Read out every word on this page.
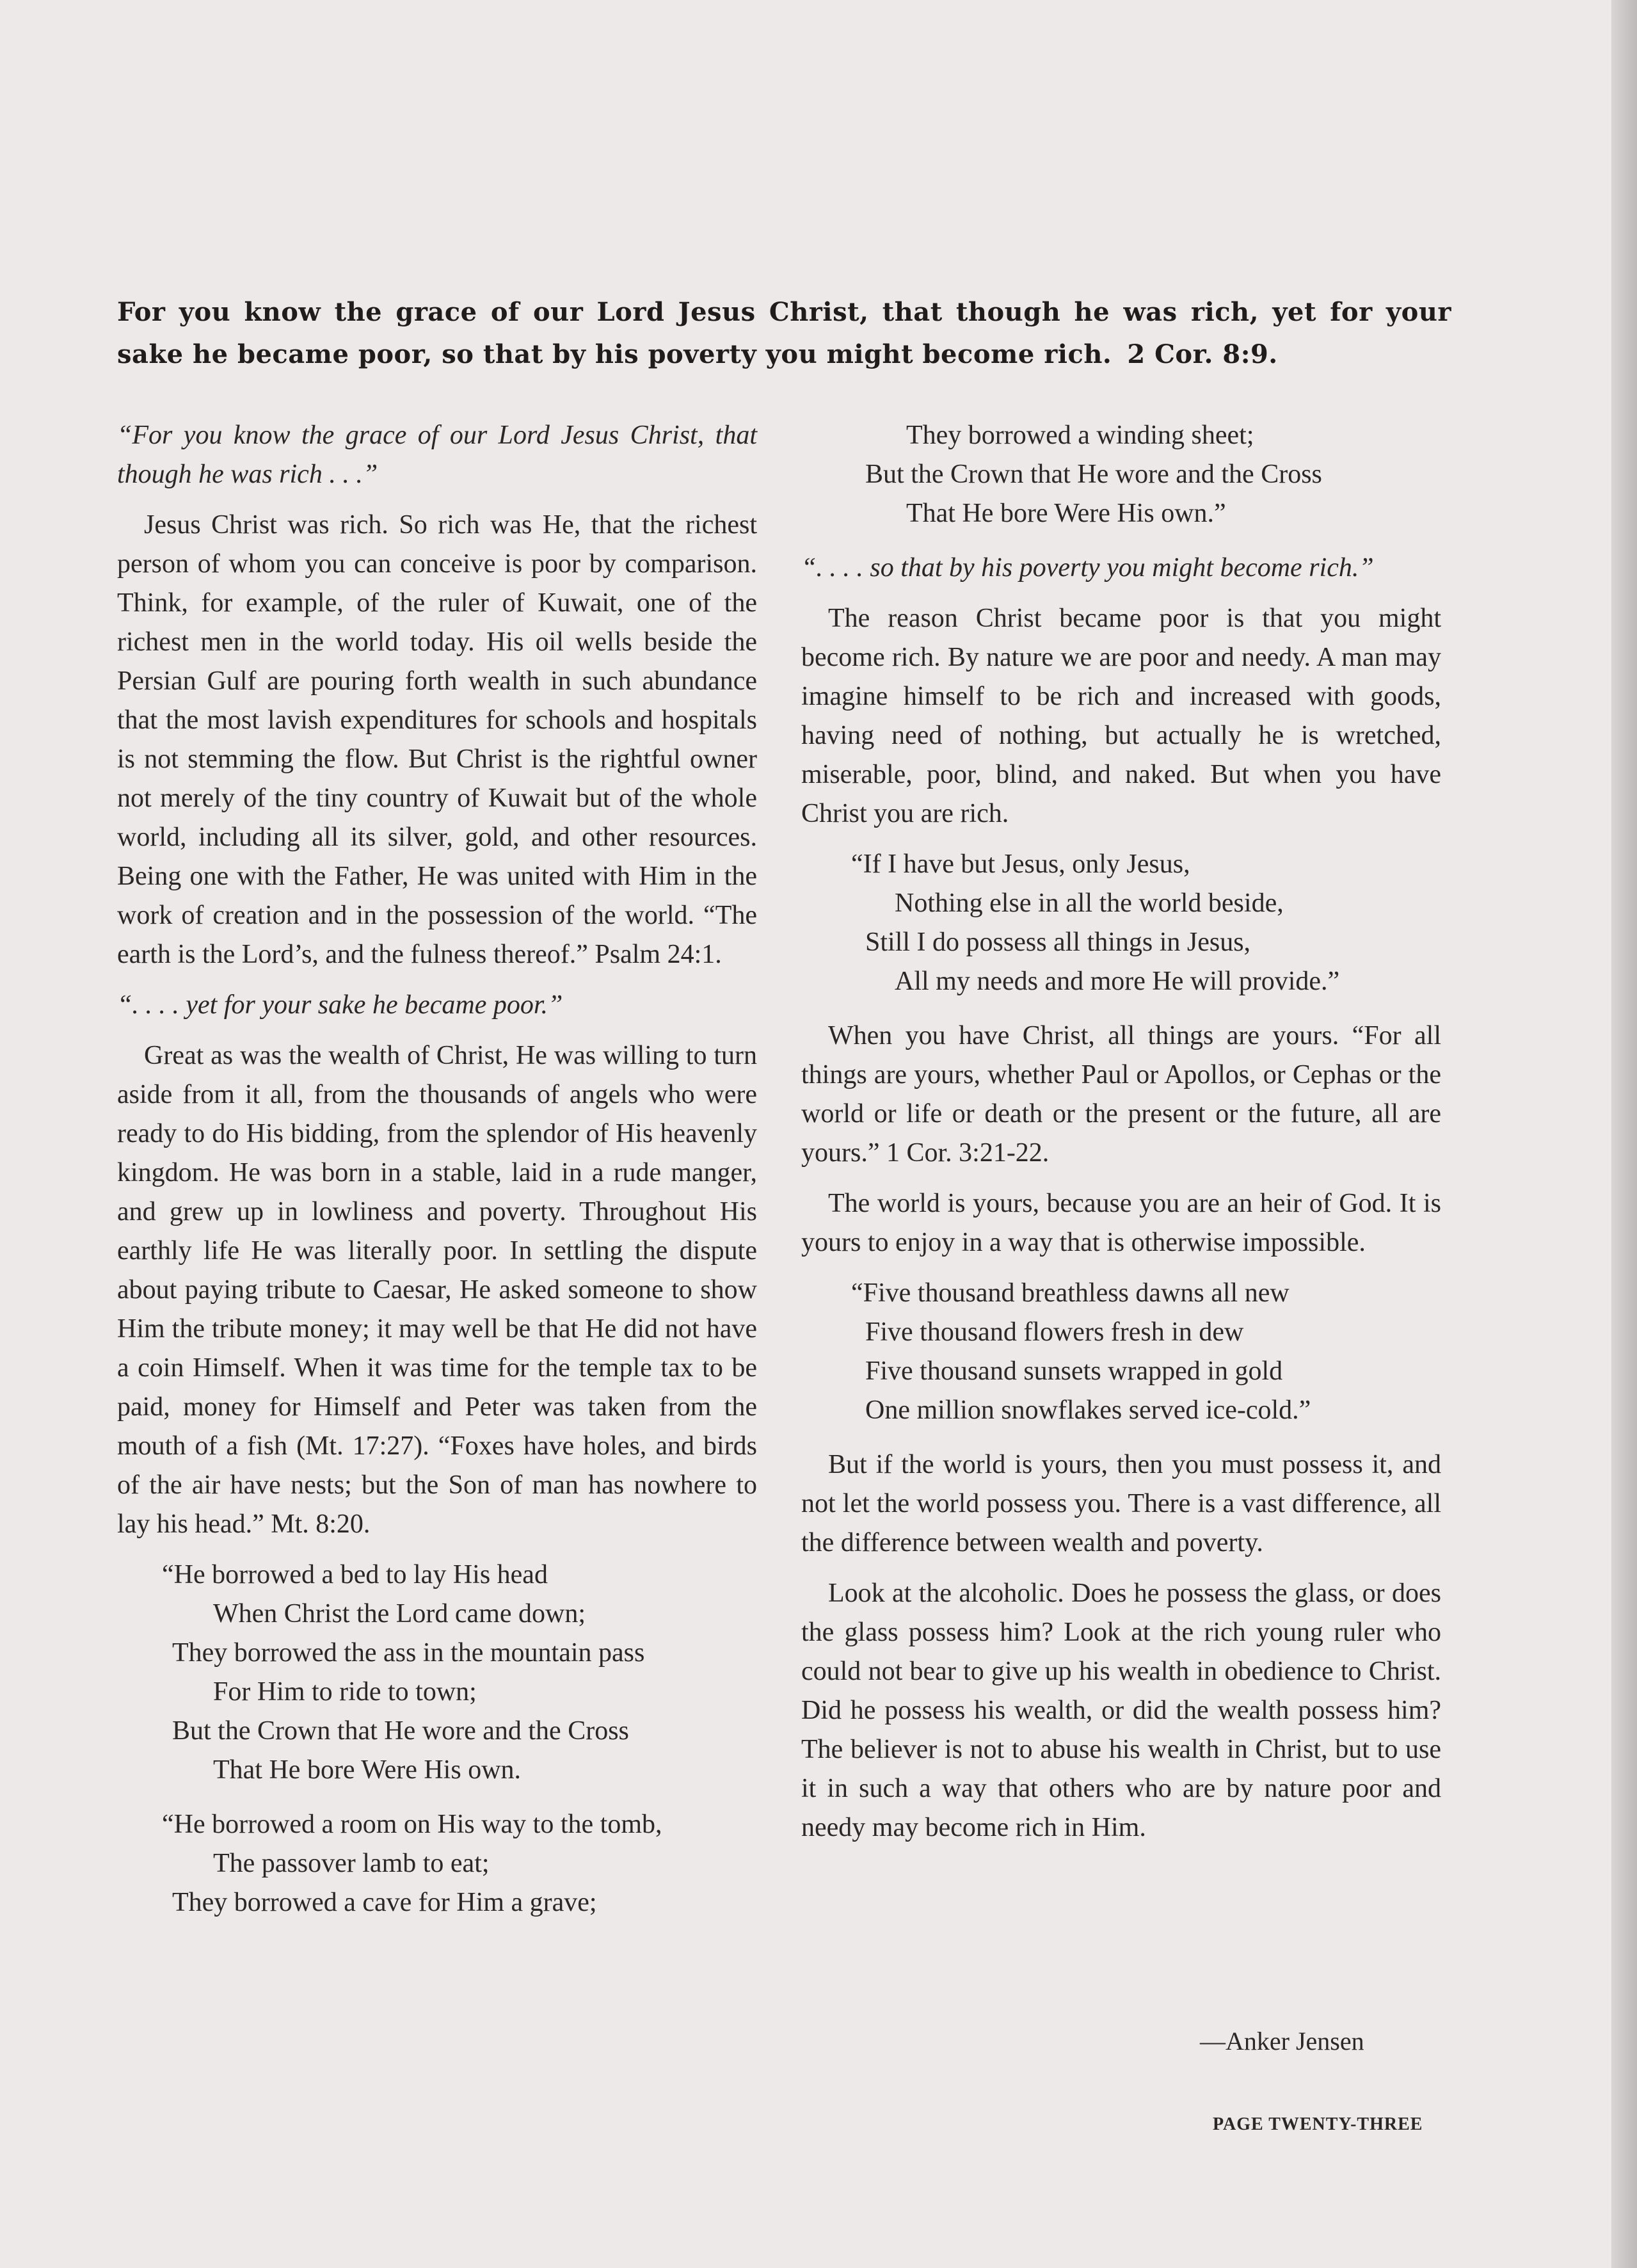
For you know the grace of our Lord Jesus Christ, that though he was rich, yet for your sake he became poor, so that by his poverty you might become rich. 2 Cor. 8:9.

“For you know the grace of our Lord Jesus Christ, that though he was rich . . .”

Jesus Christ was rich. So rich was He, that the richest person of whom you can conceive is poor by comparison. Think, for example, of the ruler of Kuwait, one of the richest men in the world today. His oil wells beside the Persian Gulf are pouring forth wealth in such abundance that the most lavish expenditures for schools and hospitals is not stemming the flow. But Christ is the rightful owner not merely of the tiny country of Kuwait but of the whole world, including all its silver, gold, and other resources. Being one with the Father, He was united with Him in the work of creation and in the possession of the world. “The earth is the Lord’s, and the fulness thereof.” Psalm 24:1.

“. . . . yet for your sake he became poor.”

Great as was the wealth of Christ, He was willing to turn aside from it all, from the thousands of angels who were ready to do His bidding, from the splendor of His heavenly kingdom. He was born in a stable, laid in a rude manger, and grew up in lowliness and poverty. Throughout His earthly life He was literally poor. In settling the dispute about paying tribute to Caesar, He asked someone to show Him the tribute money; it may well be that He did not have a coin Himself. When it was time for the temple tax to be paid, money for Himself and Peter was taken from the mouth of a fish (Mt. 17:27). “Foxes have holes, and birds of the air have nests; but the Son of man has nowhere to lay his head.” Mt. 8:20.

“He borrowed a bed to lay His head
When Christ the Lord came down;
They borrowed the ass in the mountain pass
For Him to ride to town;
But the Crown that He wore and the Cross
That He bore Were His own.
“He borrowed a room on His way to the tomb,
The passover lamb to eat;
They borrowed a cave for Him a grave;
They borrowed a winding sheet;
But the Crown that He wore and the Cross
That He bore Were His own.”

“. . . . so that by his poverty you might become rich.”

The reason Christ became poor is that you might become rich. By nature we are poor and needy. A man may imagine himself to be rich and increased with goods, having need of nothing, but actually he is wretched, miserable, poor, blind, and naked. But when you have Christ you are rich.

“If I have but Jesus, only Jesus,
Nothing else in all the world beside,
Still I do possess all things in Jesus,
All my needs and more He will provide.”

When you have Christ, all things are yours. “For all things are yours, whether Paul or Apollos, or Cephas or the world or life or death or the present or the future, all are yours.” 1 Cor. 3:21-22.

The world is yours, because you are an heir of God. It is yours to enjoy in a way that is otherwise impossible.

“Five thousand breathless dawns all new
Five thousand flowers fresh in dew
Five thousand sunsets wrapped in gold
One million snowflakes served ice-cold.”

But if the world is yours, then you must possess it, and not let the world possess you. There is a vast difference, all the difference between wealth and poverty.

Look at the alcoholic. Does he possess the glass, or does the glass possess him? Look at the rich young ruler who could not bear to give up his wealth in obedience to Christ. Did he possess his wealth, or did the wealth possess him? The believer is not to abuse his wealth in Christ, but to use it in such a way that others who are by nature poor and needy may become rich in Him.

—Anker Jensen
PAGE TWENTY-THREE
